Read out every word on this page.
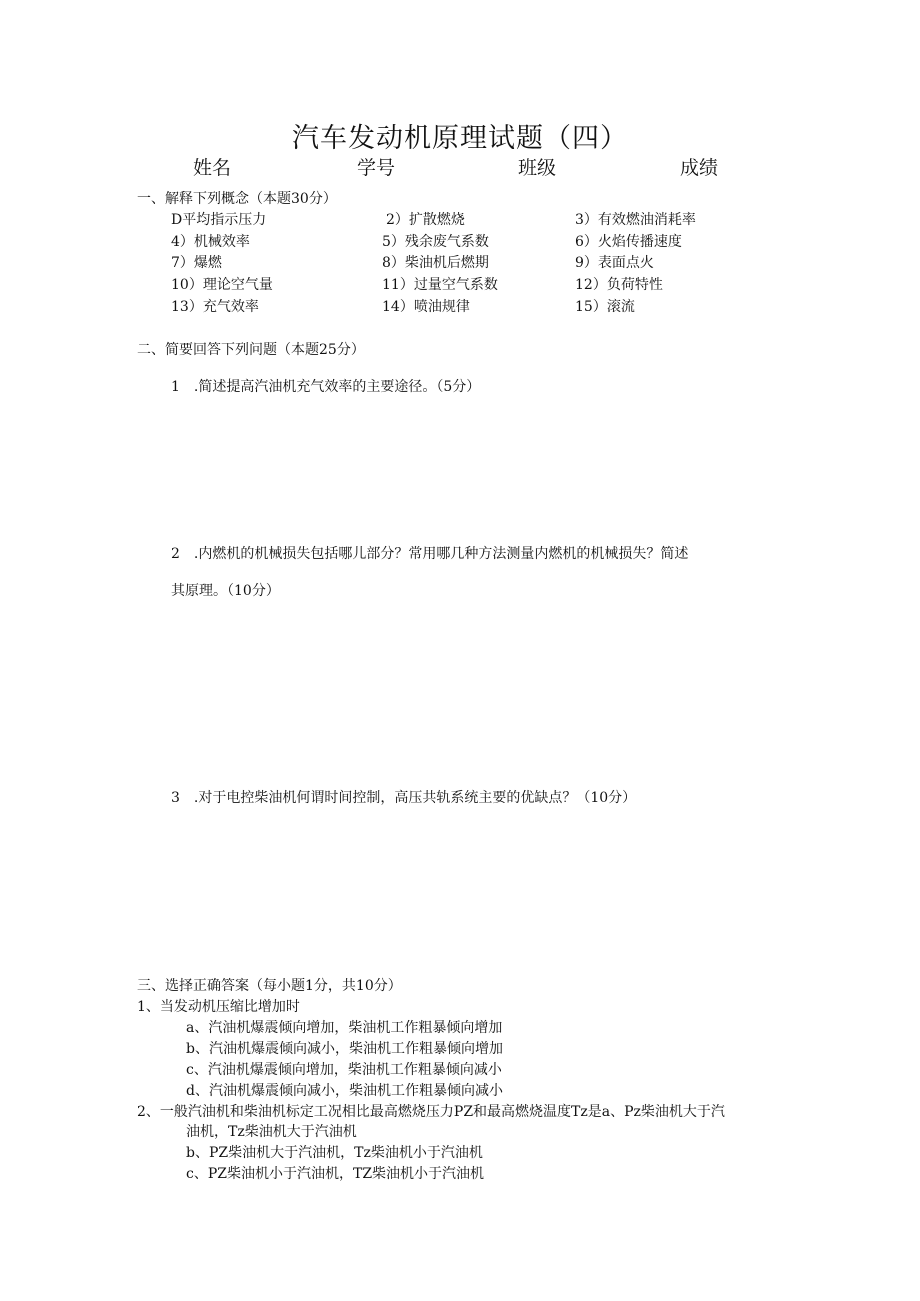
汽车发动机原理试题（四）
姓名	学号	班级	成绩
一、解释下列概念（本题30分）
D平均指示压力	2）扩散燃烧	3）有效燃油消耗率
4）机械效率	5）残余废气系数	6）火焰传播速度
7）爆燃	8）柴油机后燃期	9）表面点火
10）理论空气量	11）过量空气系数	12）负荷特性
13）充气效率	14）喷油规律	15）滚流
二、简要回答下列问题（本题25分）
1　.简述提高汽油机充气效率的主要途径。（5分）
2　.内燃机的机械损失包括哪儿部分？常用哪几种方法测量内燃机的机械损失？简述
其原理。（10分）
3　.对于电控柴油机何谓时间控制，高压共轨系统主要的优缺点？（10分）
三、选择正确答案（每小题1分，共10分）
1、当发动机压缩比增加时
a、汽油机爆震倾向增加，柴油机工作粗暴倾向增加
b、汽油机爆震倾向减小，柴油机工作粗暴倾向增加
c、汽油机爆震倾向增加，柴油机工作粗暴倾向减小
d、汽油机爆震倾向减小，柴油机工作粗暴倾向减小
2、一般汽油机和柴油机标定工况相比最高燃烧压力PZ和最高燃烧温度Tz是a、Pz柴油机大于汽
油机，Tz柴油机大于汽油机
b、PZ柴油机大于汽油机，Tz柴油机小于汽油机
c、PZ柴油机小于汽油机，TZ柴油机小于汽油机
